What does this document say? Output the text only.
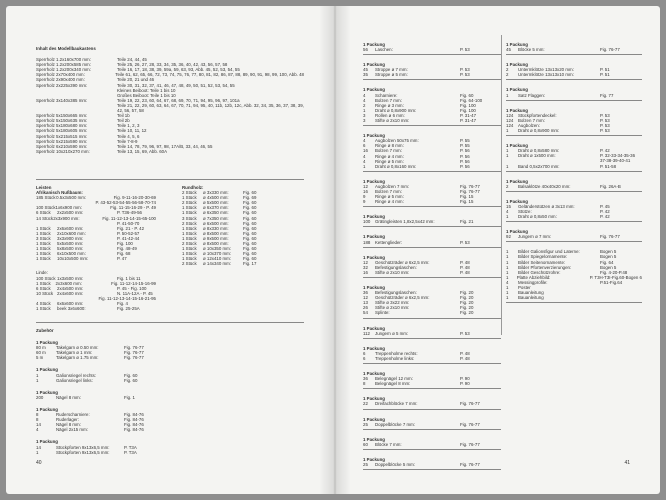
Inhalt des Modellbaukastens
Sperrholz 1.2x160x700 mm:	Teile 24, 44, 45
Sperrholz 1.2x200x585 mm:	Teile 25, 26, 27, 28, 33, 34, 35, 36, 40, 42, 43, 56, 57, 58
Sperrholz 1.2x200x340 mm:	Teile 16, 17, 18, 38, 39, 59a, 59, 63, 93, Abb. 45, 52, 53, 54, 55
Sperrholz 2x70x400 mm:	Teile 61, 62, 65, 66, 72, 73, 74, 75, 76, 77, 80, 81, 82, 86, 87, 88, 89, 90, 91, 98, 99, 100, Abb. 48
Sperrholz 2x90x400 mm:	Teile 20, 21 und 46
Sperrholz 2x225x390 mm:	Teile 30, 31, 32, 37, 41, 46, 47, 48, 49, 50, 51, 52, 53, 54, 55
Kleines Beiboot: Teile 1 bis 10
Großes Beiboot: Teile 1 bis 10
Sperrholz 3x140x385 mm:	Teile 19, 22, 23, 60, 64, 67, 68, 69, 70, 71, 94, 95, 96, 97, 101a
Teile 21, 22, 29, 60, 63, 64, 67, 70, 71, 94, 95, 40, 11b, 12b, 12c, Abb. 32, 34, 35, 36, 37, 38, 39,
42, 56, 57, 58
Sperrholz 5x150x665 mm:	Teil 1b
Sperrholz 5x150x635 mm:	Teil 2b
Sperrholz 5x180x680 mm:	Teile 1, 2, 3
Sperrholz 5x180x605 mm:	Teile 10, 11, 12
Sperrholz 5x215x515 mm:	Teile 4, 5, 6
Sperrholz 5x215x590 mm:	Teile 7-8-9
Sperrholz 6x210x590 mm:	Teile 14, 78, 79, 96, 97, 98, 17A/B, 33, 44, 46, 55
Sperrholz 10x210x270 mm:	Teile 13, 15, 69, Abb. 60A
Leisten
Afrikanisch Nußbaum:
185 Stück 0.5x3x500 mm:	Fig. 9-11-16-20-30-69
P. 43-52-53-54-55-56-58-70-74
100 Stück 1x6x900 mm:	Fig. 11-15-16-29 - P. 49
6 Stück	2x2x500 mm:	P. T36-49-56
14 Stück 2x3x900 mm:	Fig. 11-12-13-14-15-65-100
P. 41-50-70
1 Stück	2x6x600 mm:	Fig. 21 - P. 42
1 Stück	2x10x600 mm:	P. 50-52-57
3 Stück	3x3x900 mm:	P. 41-42-44
1 Stück	5x5x500 mm:	Fig. 100
1 Stück	5x8x500 mm:	Fig. 48-49
1 Stück	6x10x500 mm:	Fig. 68
1 Stück	10x10x500 mm:	P. 47
Linde:
100 Stück 1x3x500 mm:	Fig. 1 bis 11
1 Stück	2x3x600 mm:	Fig. 11-12-14-15-16-99
6 Stück	2x4x500 mm:	P. 45 - Fig. 100
10 Stück 2x4x600 mm:	N. 11A-12A - P. 45
Fig. 11-12-13-14-15-16-21-95
4 Stück	6x6x600 mm:	Fig. 4
1 Stück	beek 3x6x600:	Fig. 25-25A
Rundholz:
2 Stück	ø 3x330 mm:	Fig. 60
1 Stück	ø 4x500 mm:	Fig. 69
2 Stück	ø 5x500 mm:	Fig. 60
1 Stück	ø 6x370 mm:	Fig. 60
1 Stück	ø 6x350 mm:	Fig. 60
3 Stück	ø 7x350 mm:	Fig. 60
2 Stück	ø 6x500 mm:	Fig. 60
1 Stück	ø 8x330 mm:	Fig. 60
1 Stück	ø 8x500 mm:	Fig. 60
1 Stück	ø 9x500 mm:	Fig. 60
2 Stück	ø 8x500 mm:	Fig. 60
1 Stück	ø 10x350 mm:	Fig. 60
1 Stück	ø 10x370 mm:	Fig. 60
1 Stück	ø 12x410 mm:	Fig. 60
2 Stück	ø 14x340 mm:	Fig. 17
Zubehör
1 Packung
80 m	Takelgarn ø 0.50 mm:	Fig. 76-77
60 m	Takelgarn ø 1 mm:	Fig. 76-77
5 m	Takelgarn ø 1.75 mm:	Fig. 76-77
1 Packung
1	Galionsriegel rechts:	Fig. 60
1	Galionsriegel links:	Fig. 60
1 Packung
200	Nägel 8 mm:	Fig. 1
1 Packung
8	Ruderscharniere:	Fig. 84-76
8	Ruderlager:	Fig. 84-76
14	Nägel 8 mm:	Fig. 84-76
4	Nägel 2x15 mm:	Fig. 84-76
1 Packung
14	Stückpforten 9x13x6,5 mm:	P. T3A
1	Stückpforten 9x13x6,5 mm:	P. T3A
40
1 Packung
56	Laschen:	P. 53
1 Packung
45	Stroppe ø 7 mm:	P. 53
35	Stroppe ø 5 mm:	P. 53
1 Packung
4	Scharniere:	Fig. 60
4	Bolzen 7 mm:	Fig. 64-100
2	Ringe ø 3 mm:	Fig. 100
1	Draht ø 0,8x900 mm:	Fig. 100
3	Rollen ø 6 mm:	P. 31-47
3	Stifte ø 2x10 mm:	P. 31-47
1 Packung
4	Augbolzen 50x75 mm:	P. 55
6	Ringe ø 8 mm:	P. 55
16	Bolzen 7 mm:	P. 56
4	Ringe ø 4 mm:	P. 56
4	Ringe ø 5 mm:	P. 56
1	Draht ø 0,8x160 mm:	P. 56
1 Packung
12	Augbolzen 7 mm:	Fig. 76-77
16	Bolzen 7 mm:	Fig. 76-77
9	Ringe ø 5 mm:	Fig. 15
9	Ringe ø 4 mm:	Fig. 15
1 Packung
100	Grätingleisten 1,8x2,5x42 mm:	Fig. 21
1 Packung
188	Kettenglieder:	P. 53
1 Packung
12	Geschützräder ø 6x2,5 mm:	P. 48
32	Befestigungslaschen:	P. 48
16	Stifte ø 2x10 mm:	P. 48
1 Packung
36	Befestigungslaschen:	Fig. 20
12	Geschützräder ø 6x2,5 mm:	Fig. 20
13	Stifte ø 3x22 mm:	Fig. 20
26	Stifte ø 2x10 mm:	Fig. 20
54	Splinte:	Fig. 20
1 Packung
112	Jungern ø 5 mm:	P. 53
1 Packung
6	Treppenholme rechts:	P. 48
6	Treppenholme links:	P. 48
1 Packung
36	Belegnägel 12 mm:	P. 90
8	Belegnägel 8 mm:	P. 90
1 Packung
22	Dreifachblöcke 7 mm:	Fig. 76-77
1 Packung
25	Doppelblöcke 7 mm:	Fig. 76-77
1 Packung
60	Blöcke 7 mm:	Fig. 76-77
1 Packung
25	Doppelblöcke 5 mm:	Fig. 76-77
1 Packung
45	Blöcke 5 mm:	Fig. 76-77
1 Packung
2	Untermklötze 13x13x20 mm:	P. 51
2	Untermklötze 13x13x10 mm:	P. 51
1 Packung
1	Satz Flaggen:	Fig. 77
1 Packung
124	Stückpfortendeckel:	P. 53
124	Bolzen 7 mm:	P. 53
124	Augbolzen:	P. 53
1	Draht ø 0,8x900 mm:	P. 53
1 Packung
1	Draht ø 0,8x580 mm:	P. 42
1	Draht ø 1x500 mm:	P. 32-33-34-35-36
37-38-39-40-41
1	Band 0,5x2x700 mm:	P. 51-58
1 Packung
2	Balsaklötze 40x40x20 mm:	Fig. 26A-B
1 Packung
15	Geländerstützen ø 3x13 mm:	P. 45
4	Stütze:	P. 42
1	Draht ø 0,8x50 mm:	P. 42
1 Packung
92	Jungern ø 7 mm:	Fig. 76-77
1	Bilder Galionsfigur und Laterne:	Bogen 5
1	Bilder Spiegelornamente:	Bogen 5
1	Bilder Seitenornamente:	Fig. 64
1	Bilder Pfortenverzierungen:	Bogen 5
1	Bilder Geschützrohre:	Fig. 4-20-P.48
1	Platte Abziehbild:	P. T3H-T3I-Fig.60-Bogen 6
4	Messingprofile:	P.51-Fig.64
1	Poster
1	Bauanleitung
1	Bauanleitung
41
